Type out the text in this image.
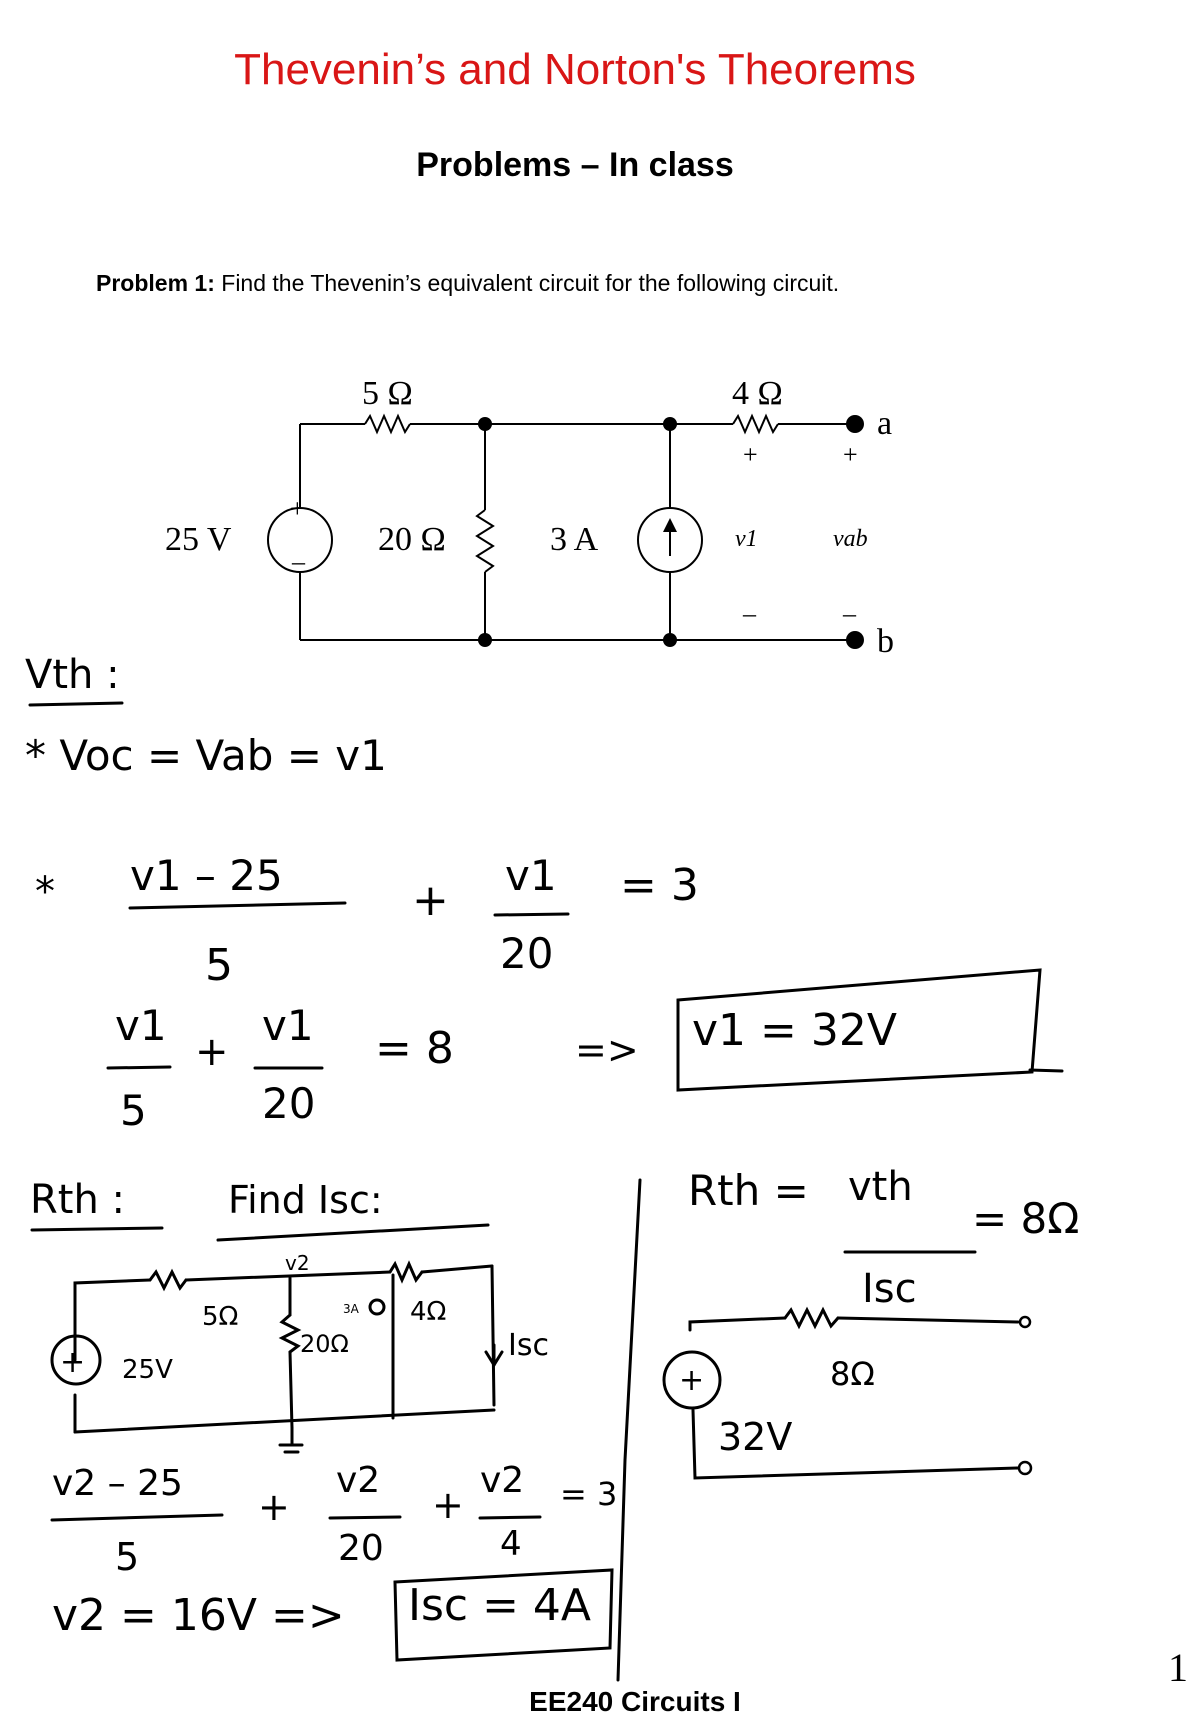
Thevenin’s and Norton's Theorems
Problems – In class
Problem 1: Find the Thevenin’s equivalent circuit for the following circuit.
5 Ω	4 Ω
20 Ω
25 V	3 A
a
b
+
–
+	+
–	–
v1	vab
Vth :
* Voc = Vab = v1
* v1 – 25
5
+ v1
20
= 3
v1
5
+
v1
20
= 8	=> v1 = 32V
Rth :	Find Isc:
v2
5Ω
20Ω
4Ω
3A
25V
Isc
v2 – 25
5
+
v2
20
+
v2
4
= 3
v2 = 16V => Isc = 4A
Rth = vth
Isc
= 8Ω
8Ω
32V
+
+
EE240 Circuits I
1
